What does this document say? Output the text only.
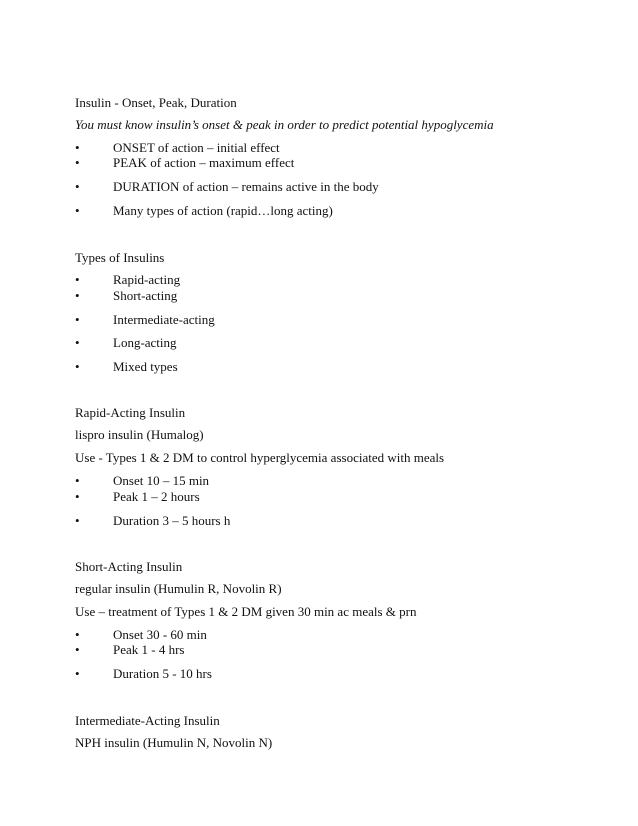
Insulin - Onset, Peak, Duration
You must know insulin’s onset & peak in order to predict potential hypoglycemia
•	ONSET of action – initial effect
•	PEAK of action – maximum effect
•	DURATION of action – remains active in the body
•	Many types of action (rapid…long acting)
Types of Insulins
•	Rapid-acting
•	Short-acting
•	Intermediate-acting
•	Long-acting
•	Mixed types
Rapid-Acting Insulin
lispro insulin (Humalog)
Use - Types 1 & 2 DM to control hyperglycemia associated with meals
•	Onset 10 – 15 min
•	Peak 1 – 2 hours
•	Duration 3 – 5 hours h
Short-Acting Insulin
regular insulin (Humulin R, Novolin R)
Use – treatment of Types 1 & 2 DM given 30 min ac meals & prn
•	Onset 30 - 60 min
•	Peak 1 - 4 hrs
•	Duration 5 - 10 hrs
Intermediate-Acting Insulin
NPH insulin (Humulin N, Novolin N)
